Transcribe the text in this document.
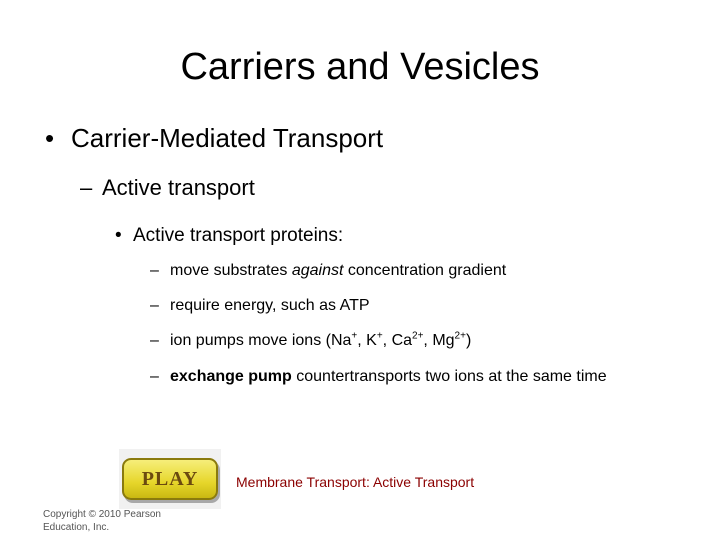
Carriers and Vesicles
• Carrier-Mediated Transport
– Active transport
• Active transport proteins:
– move substrates against concentration gradient
– require energy, such as ATP
– ion pumps move ions (Na+, K+, $Ca^{2+}$, $Mg^{2+}$)
– exchange pump countertransports two ions at the same time
PLAY	Membrane Transport: Active Transport
Copyright © 2010 Pearson
Education, Inc.
